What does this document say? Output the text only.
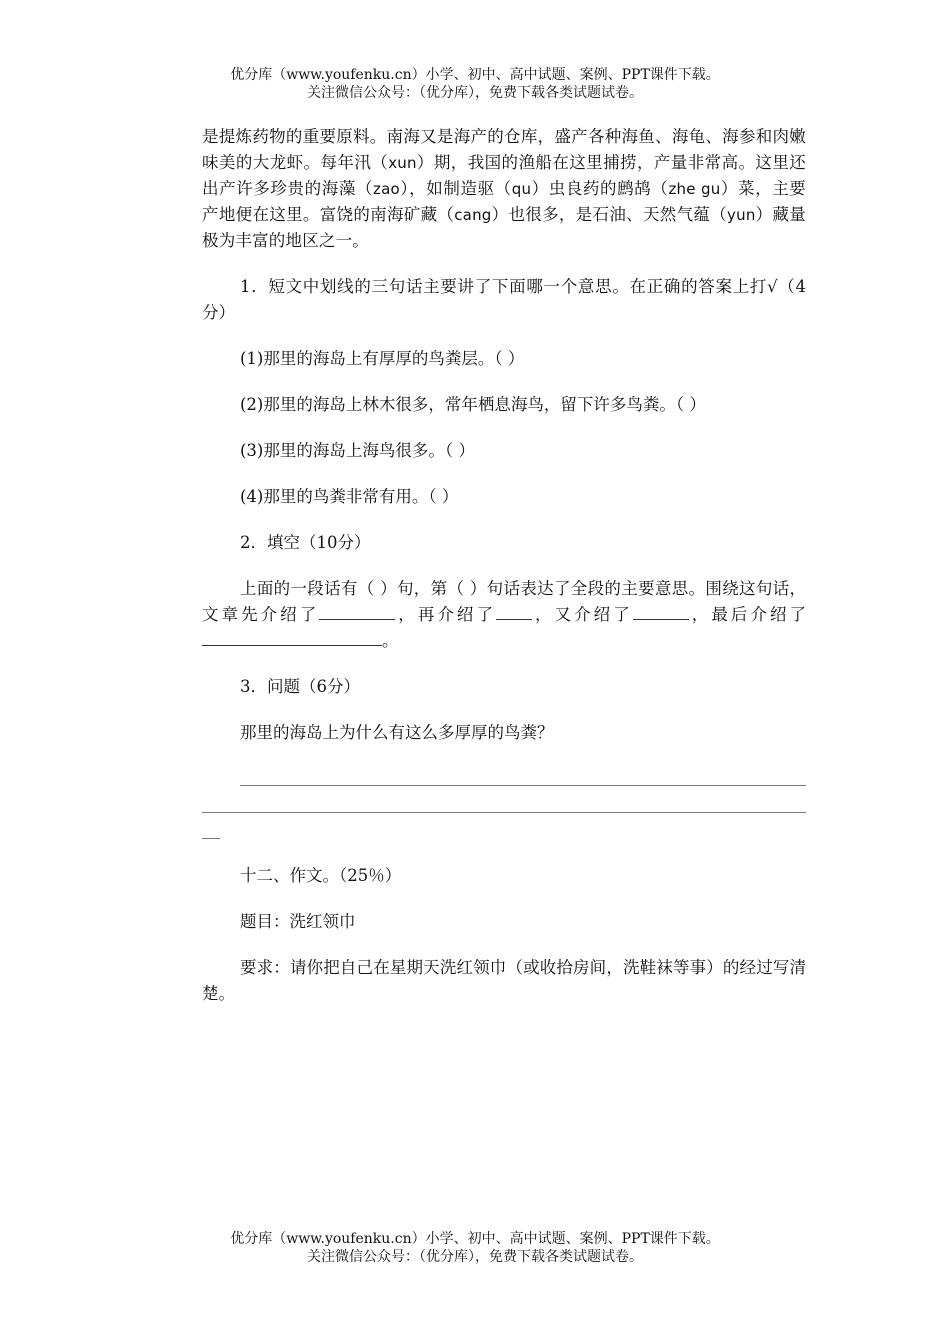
优分库（www.youfenku.cn）小学、初中、高中试题、案例、PPT课件下载。
关注微信公众号：（优分库），免费下载各类试题试卷。

是提炼药物的重要原料。南海又是海产的仓库，盛产各种海鱼、海龟、海参和肉嫩味美的大龙虾。每年汛（xun）期，我国的渔船在这里捕捞，产量非常高。这里还出产许多珍贵的海藻（zao），如制造驱（qu）虫良药的鹧鸪（zhe gu）菜，主要产地便在这里。富饶的南海矿藏（cang）也很多，是石油、天然气蕴（yun）藏量极为丰富的地区之一。

1．短文中划线的三句话主要讲了下面哪一个意思。在正确的答案上打√（4分）

(1)那里的海岛上有厚厚的鸟粪层。（ ）

(2)那里的海岛上林木很多，常年栖息海鸟，留下许多鸟粪。（ ）

(3)那里的海岛上海鸟很多。（ ）

(4)那里的鸟粪非常有用。（ ）

2．填空（10分）

上面的一段话有（ ）句，第（ ）句话表达了全段的主要意思。围绕这句话，文章先介绍了	，再介绍了 ，又介绍了	，最后介绍了。

3．问题（6分）

那里的海岛上为什么有这么多厚厚的鸟粪？

十二、作文。（25％）

题目：洗红领巾

要求：请你把自己在星期天洗红领巾（或收拾房间，洗鞋袜等事）的经过写清楚。

优分库（www.youfenku.cn）小学、初中、高中试题、案例、PPT课件下载。
关注微信公众号：（优分库），免费下载各类试题试卷。
